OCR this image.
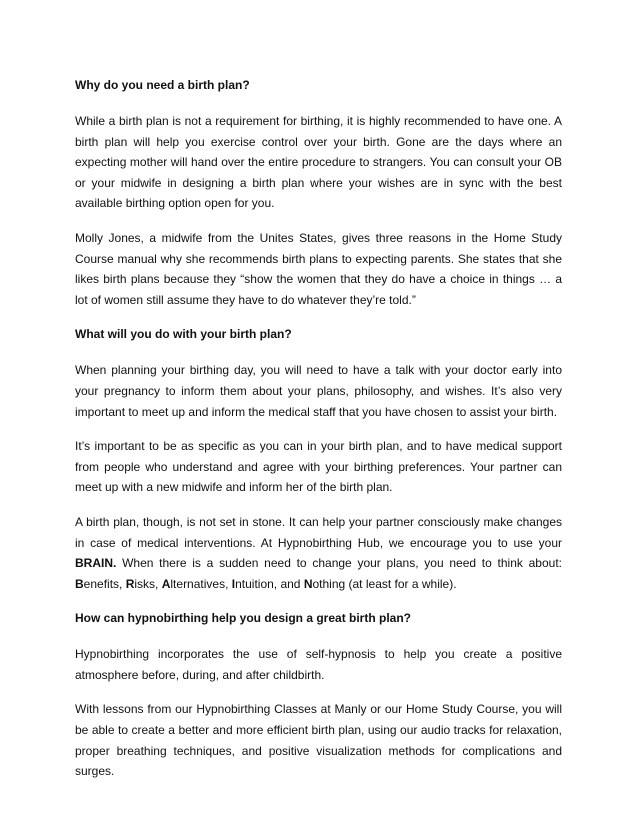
Why do you need a birth plan?

While a birth plan is not a requirement for birthing, it is highly recommended to have one. A birth plan will help you exercise control over your birth. Gone are the days where an expecting mother will hand over the entire procedure to strangers. You can consult your OB or your midwife in designing a birth plan where your wishes are in sync with the best available birthing option open for you.

Molly Jones, a midwife from the Unites States, gives three reasons in the Home Study Course manual why she recommends birth plans to expecting parents. She states that she likes birth plans because they “show the women that they do have a choice in things … a lot of women still assume they have to do whatever they’re told.”

What will you do with your birth plan?

When planning your birthing day, you will need to have a talk with your doctor early into your pregnancy to inform them about your plans, philosophy, and wishes. It’s also very important to meet up and inform the medical staff that you have chosen to assist your birth.

It’s important to be as specific as you can in your birth plan, and to have medical support from people who understand and agree with your birthing preferences. Your partner can meet up with a new midwife and inform her of the birth plan.

A birth plan, though, is not set in stone. It can help your partner consciously make changes in case of medical interventions. At Hypnobirthing Hub, we encourage you to use your BRAIN. When there is a sudden need to change your plans, you need to think about: Benefits, Risks, Alternatives, Intuition, and Nothing (at least for a while).

How can hypnobirthing help you design a great birth plan?

Hypnobirthing incorporates the use of self-hypnosis to help you create a positive atmosphere before, during, and after childbirth.

With lessons from our Hypnobirthing Classes at Manly or our Home Study Course, you will be able to create a better and more efficient birth plan, using our audio tracks for relaxation, proper breathing techniques, and positive visualization methods for complications and surges.
